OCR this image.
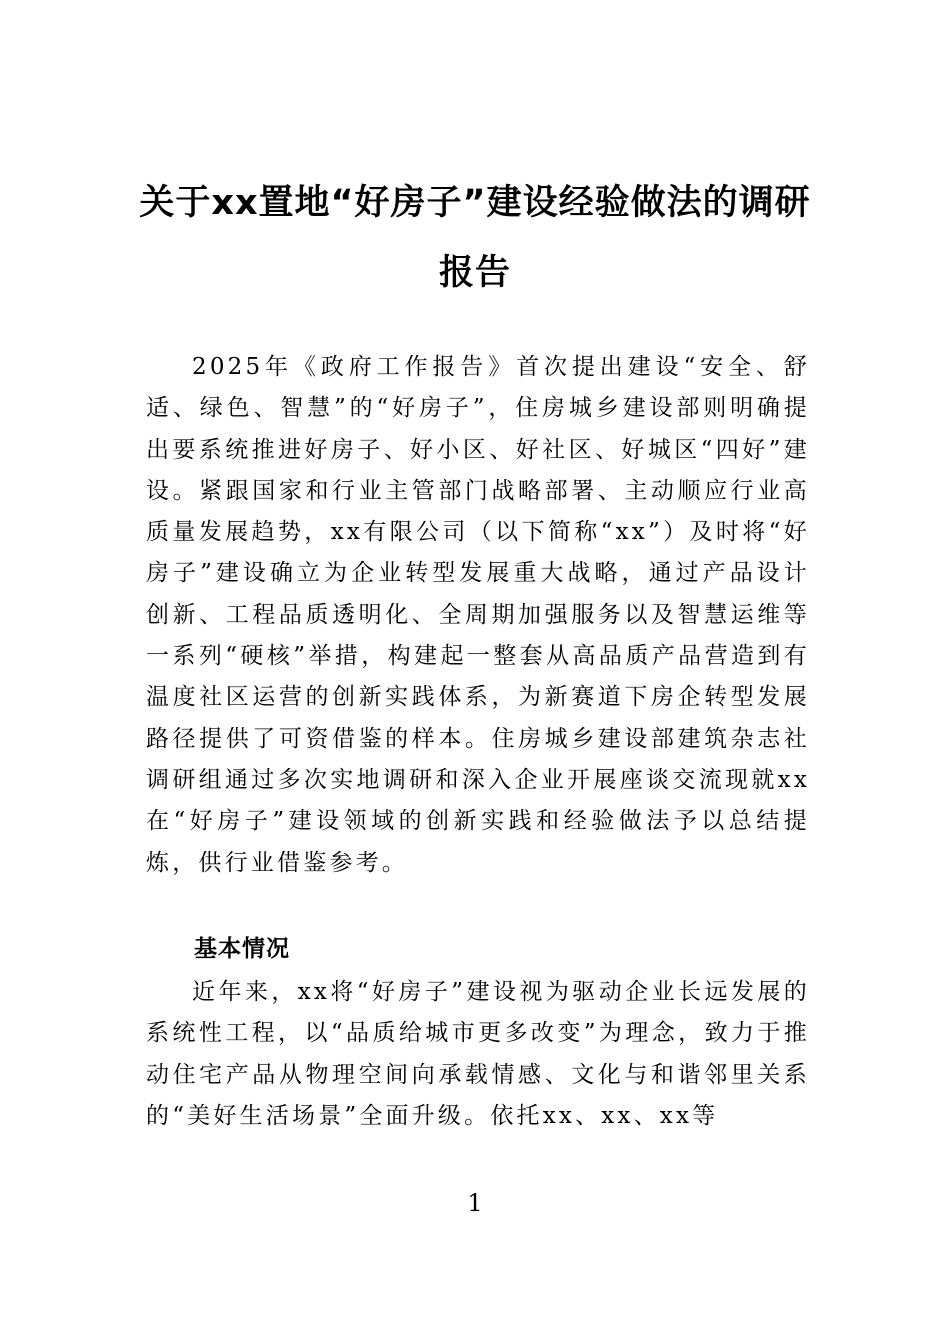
关于xx置地“好房子”建设经验做法的调研报告

2025年《政府工作报告》首次提出建设“安全、舒适、绿色、智慧”的“好房子”，住房城乡建设部则明确提出要系统推进好房子、好小区、好社区、好城区“四好”建设。紧跟国家和行业主管部门战略部署、主动顺应行业高质量发展趋势，xx有限公司（以下简称“xx”）及时将“好房子”建设确立为企业转型发展重大战略，通过产品设计创新、工程品质透明化、全周期加强服务以及智慧运维等一系列“硬核”举措，构建起一整套从高品质产品营造到有温度社区运营的创新实践体系，为新赛道下房企转型发展路径提供了可资借鉴的样本。住房城乡建设部建筑杂志社调研组通过多次实地调研和深入企业开展座谈交流现就xx在“好房子”建设领域的创新实践和经验做法予以总结提炼，供行业借鉴参考。

基本情况

近年来，xx将“好房子”建设视为驱动企业长远发展的系统性工程，以“品质给城市更多改变”为理念，致力于推动住宅产品从物理空间向承载情感、文化与和谐邻里关系的“美好生活场景”全面升级。依托xx、xx、xx等

1
